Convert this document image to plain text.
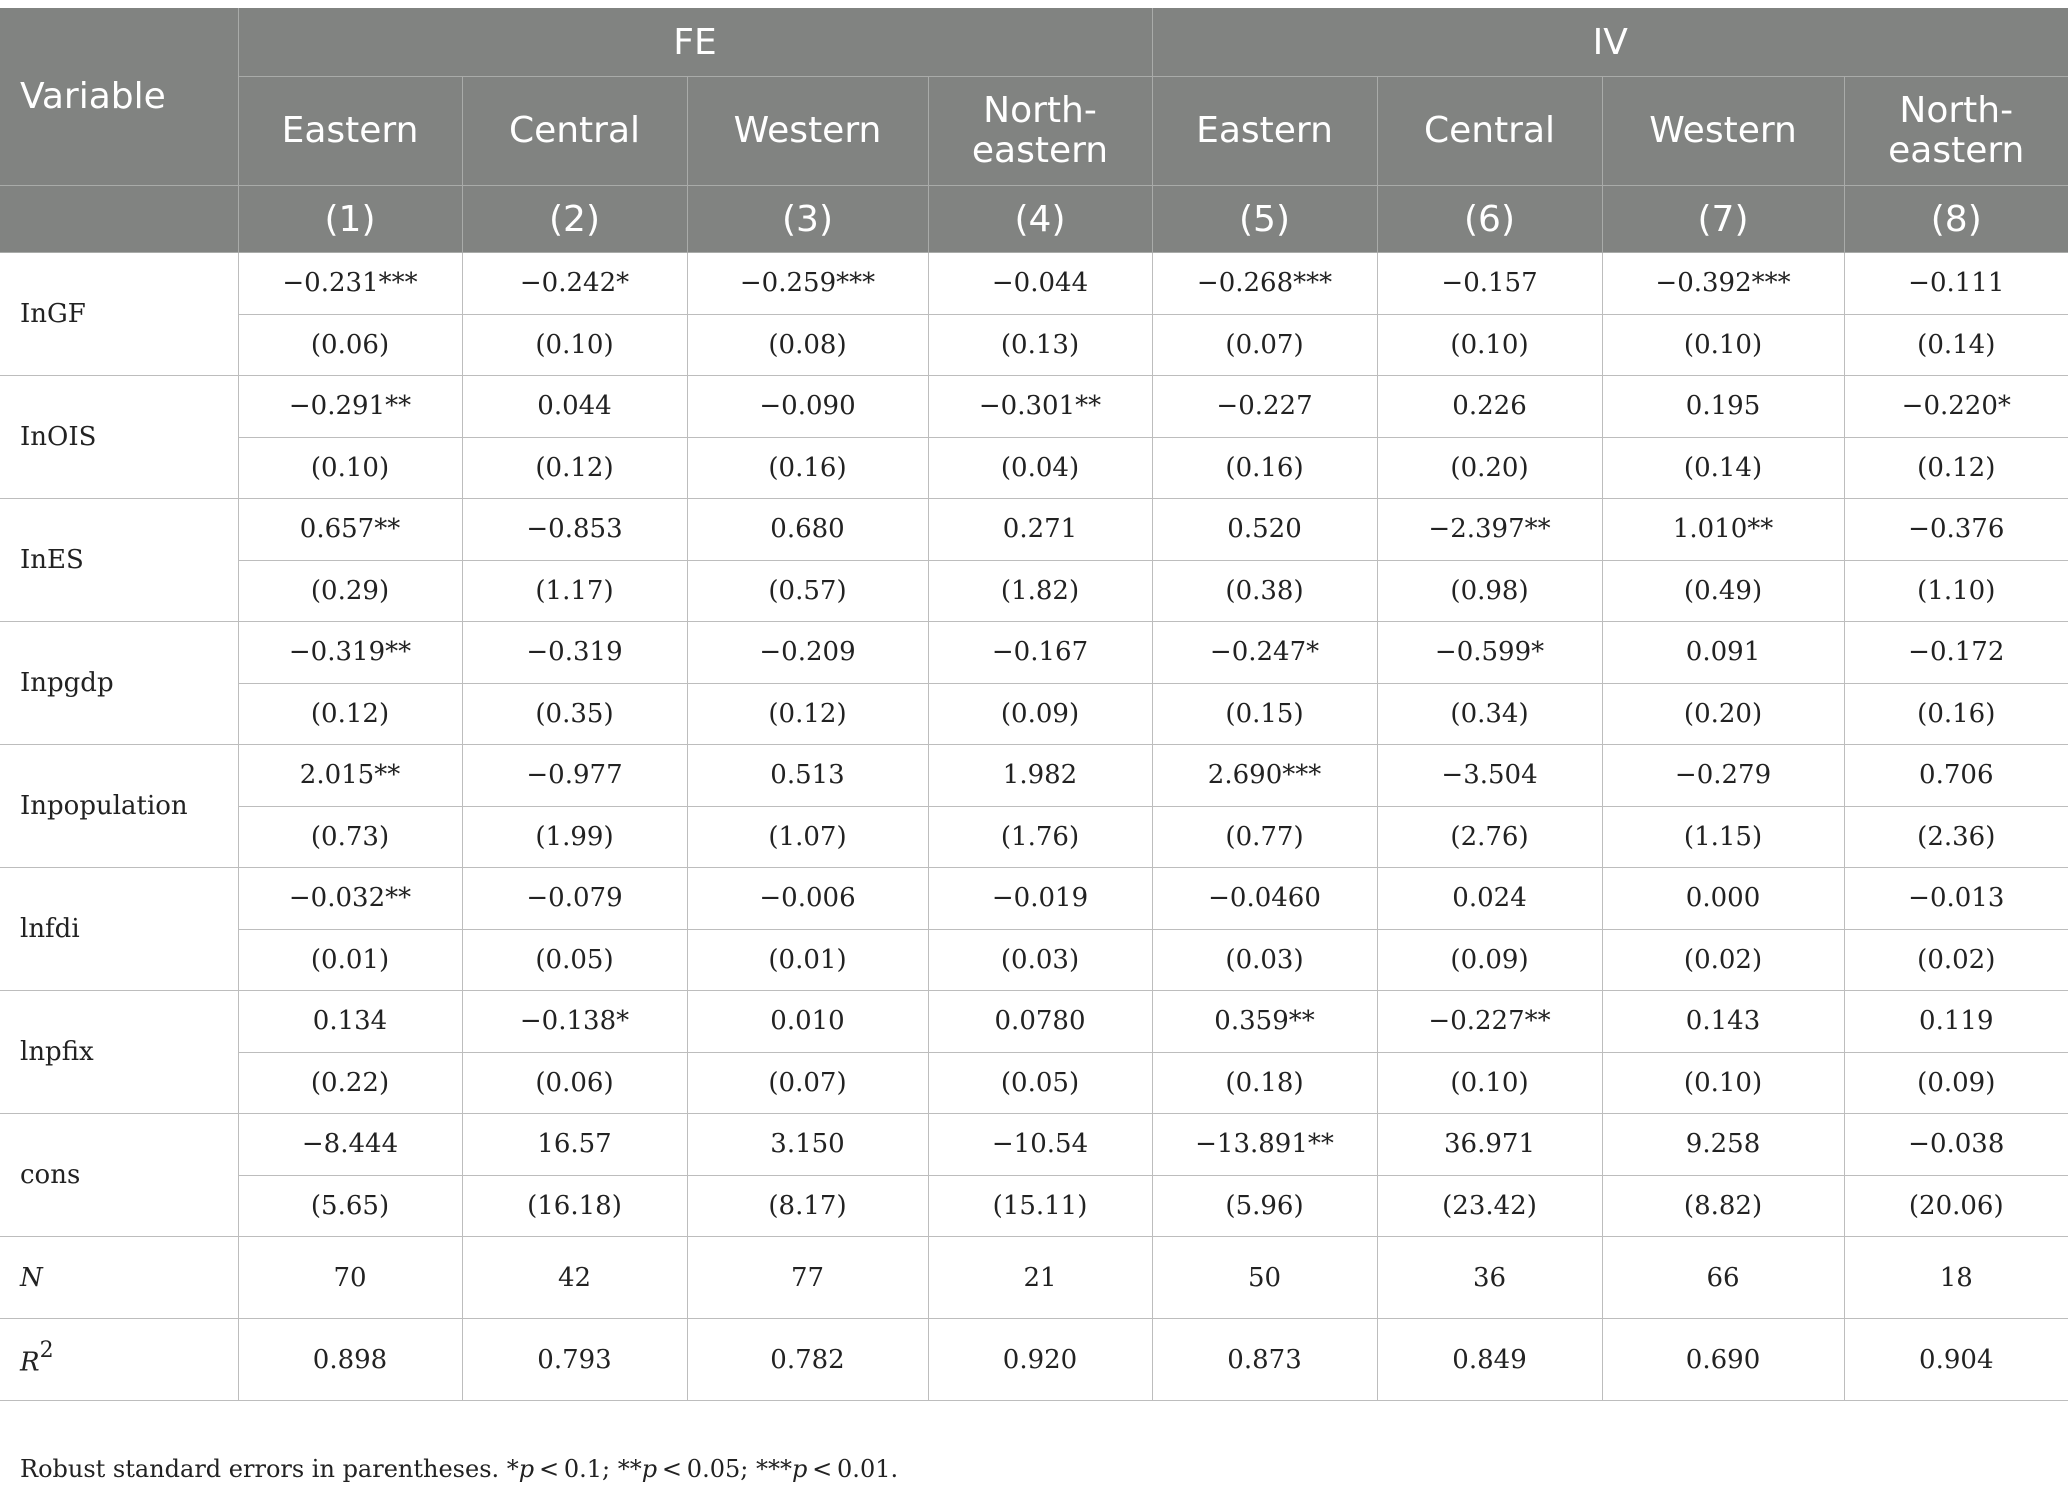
Variable	FE				IV			
	Eastern	Central	Western	North-eastern	Eastern	Central	Western	North-eastern
	(1)	(2)	(3)	(4)	(5)	(6)	(7)	(8)
InGF	−0.231***	−0.242*	−0.259***	−0.044	−0.268***	−0.157	−0.392***	−0.111
	(0.06)	(0.10)	(0.08)	(0.13)	(0.07)	(0.10)	(0.10)	(0.14)
InOIS	−0.291**	0.044	−0.090	−0.301**	−0.227	0.226	0.195	−0.220*
	(0.10)	(0.12)	(0.16)	(0.04)	(0.16)	(0.20)	(0.14)	(0.12)
InES	0.657**	−0.853	0.680	0.271	0.520	−2.397**	1.010**	−0.376
	(0.29)	(1.17)	(0.57)	(1.82)	(0.38)	(0.98)	(0.49)	(1.10)
Inpgdp	−0.319**	−0.319	−0.209	−0.167	−0.247*	−0.599*	0.091	−0.172
	(0.12)	(0.35)	(0.12)	(0.09)	(0.15)	(0.34)	(0.20)	(0.16)
Inpopulation	2.015**	−0.977	0.513	1.982	2.690***	−3.504	−0.279	0.706
	(0.73)	(1.99)	(1.07)	(1.76)	(0.77)	(2.76)	(1.15)	(2.36)
lnfdi	−0.032**	−0.079	−0.006	−0.019	−0.0460	0.024	0.000	−0.013
	(0.01)	(0.05)	(0.01)	(0.03)	(0.03)	(0.09)	(0.02)	(0.02)
lnpfix	0.134	−0.138*	0.010	0.0780	0.359**	−0.227**	0.143	0.119
	(0.22)	(0.06)	(0.07)	(0.05)	(0.18)	(0.10)	(0.10)	(0.09)
cons	−8.444	16.57	3.150	−10.54	−13.891**	36.971	9.258	−0.038
	(5.65)	(16.18)	(8.17)	(15.11)	(5.96)	(23.42)	(8.82)	(20.06)
N	70	42	77	21	50	36	66	18
$R^2$	0.898	0.793	0.782	0.920	0.873	0.849	0.690	0.904
Robust standard errors in parentheses. *p < 0.1; **p < 0.05; ***p < 0.01.
